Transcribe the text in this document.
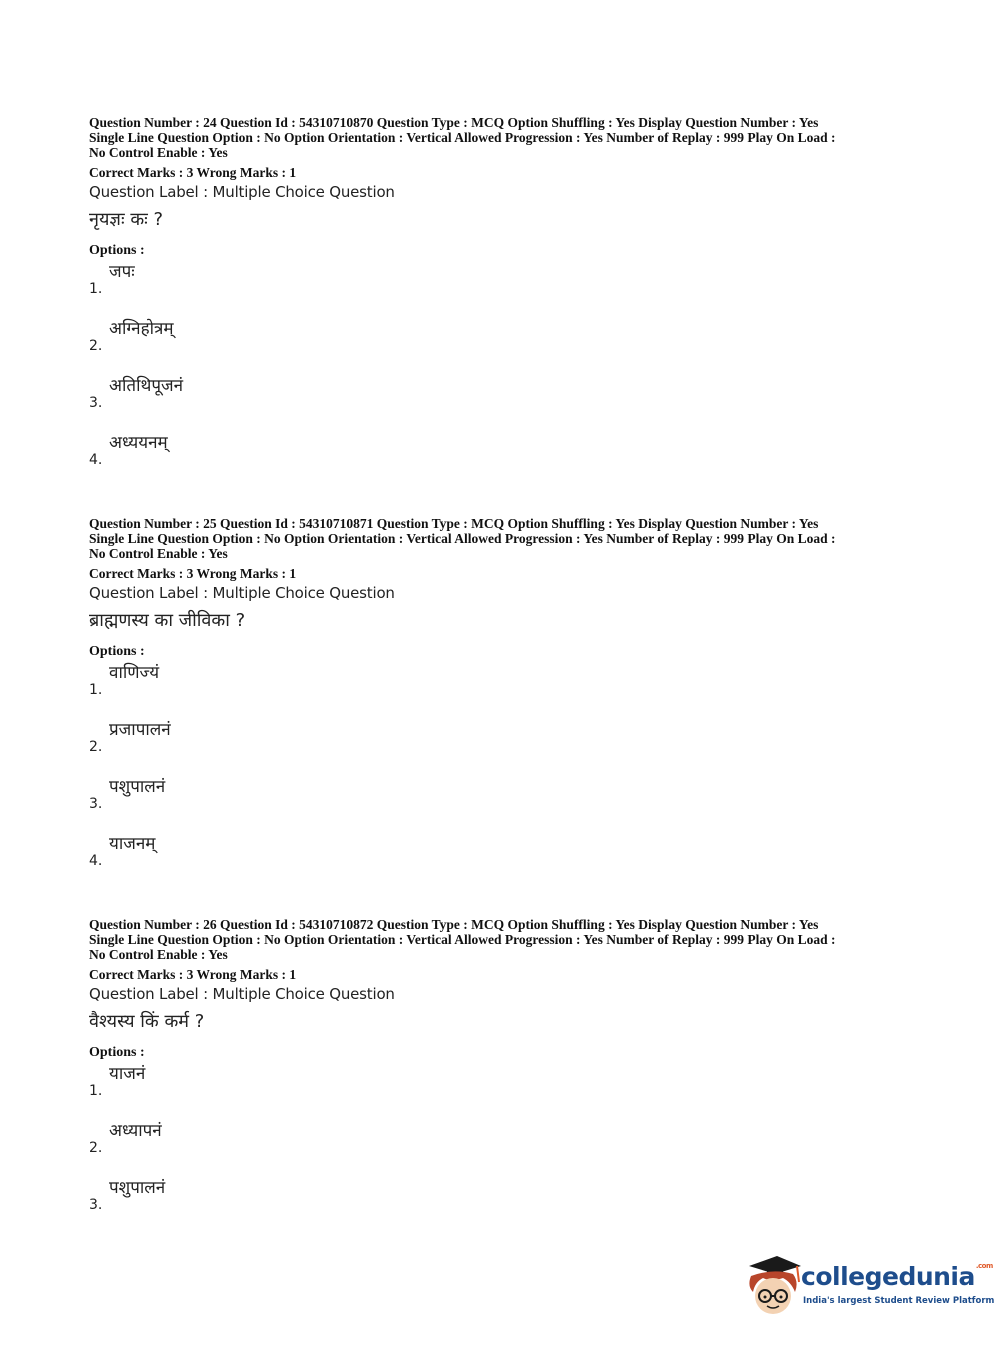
Question Number : 24 Question Id : 54310710870 Question Type : MCQ Option Shuffling : Yes Display Question Number : Yes
Single Line Question Option : No Option Orientation : Vertical Allowed Progression : Yes Number of Replay : 999 Play On Load :
No Control Enable : Yes
Correct Marks : 3 Wrong Marks : 1
Question Label : Multiple Choice Question
नृयज्ञः कः ?
Options :
1.
जपः
2.
अग्निहोत्रम्
3.
अतिथिपूजनं
4.
अध्ययनम्
Question Number : 25 Question Id : 54310710871 Question Type : MCQ Option Shuffling : Yes Display Question Number : Yes
Single Line Question Option : No Option Orientation : Vertical Allowed Progression : Yes Number of Replay : 999 Play On Load :
No Control Enable : Yes
Correct Marks : 3 Wrong Marks : 1
Question Label : Multiple Choice Question
ब्राह्मणस्य का जीविका ?
Options :
1.
वाणिज्यं
2.
प्रजापालनं
3.
पशुपालनं
4.
याजनम्
Question Number : 26 Question Id : 54310710872 Question Type : MCQ Option Shuffling : Yes Display Question Number : Yes
Single Line Question Option : No Option Orientation : Vertical Allowed Progression : Yes Number of Replay : 999 Play On Load :
No Control Enable : Yes
Correct Marks : 3 Wrong Marks : 1
Question Label : Multiple Choice Question
वैश्यस्य किं कर्म ?
Options :
1.
याजनं
2.
अध्यापनं
3.
पशुपालनं
collegedunia$^{.com}$
India's largest Student Review Platform
